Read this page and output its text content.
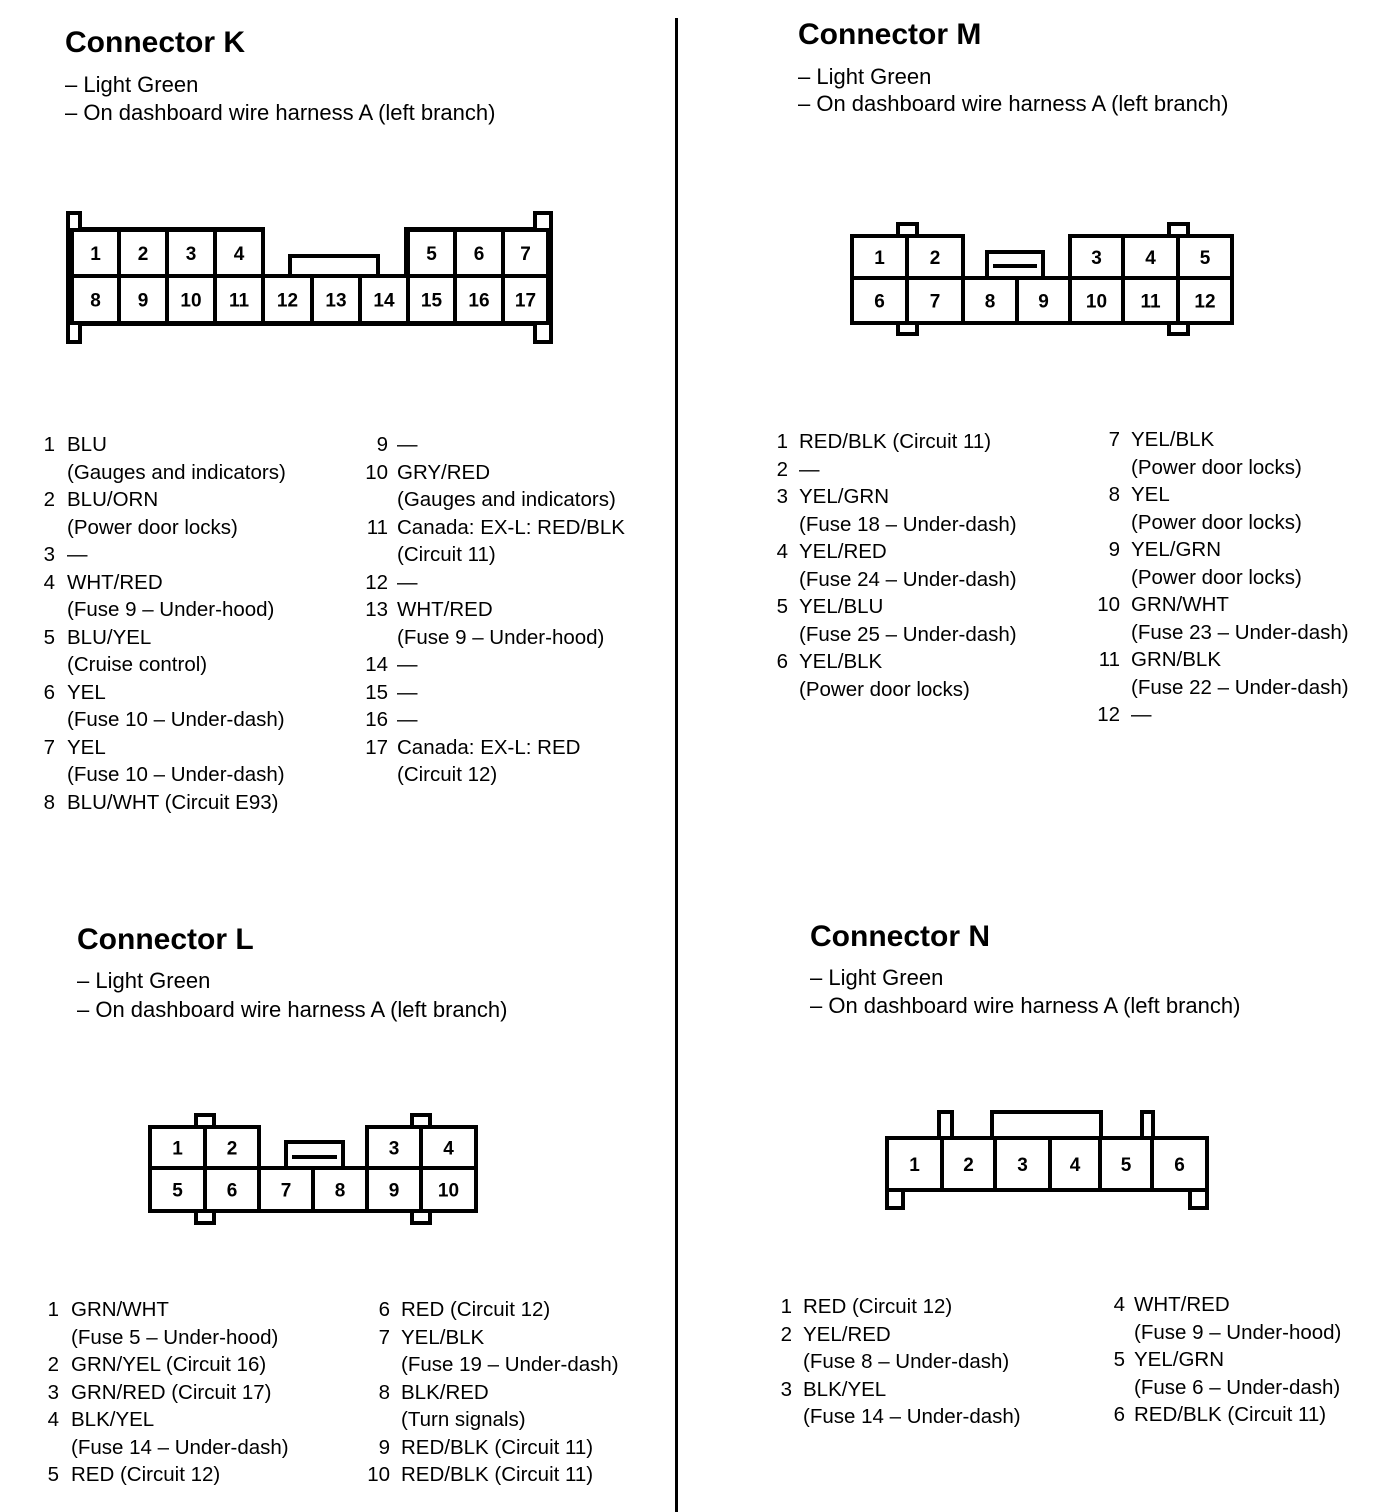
1 2 3 4	5 6 7
8 9 10 11 12 13 14 15 16 17
1 2	3 4 5
6 7 8 9 10 11 12
1 2	3 4
5 6 7 8 9 10
1 2 3 4 5 6
Connector K
– Light Green
– On dashboard wire harness A (left branch)
1 BLU
(Gauges and indicators)
2 BLU/ORN
(Power door locks)
3 —
4 WHT/RED
(Fuse 9 – Under-hood)
5 BLU/YEL
(Cruise control)
6 YEL
(Fuse 10 – Under-dash)
7 YEL
(Fuse 10 – Under-dash)
8 BLU/WHT (Circuit E93)
9 —
10 GRY/RED
(Gauges and indicators)
11 Canada: EX-L: RED/BLK
(Circuit 11)
12 —
13 WHT/RED
(Fuse 9 – Under-hood)
14 —
15 —
16 —
17 Canada: EX-L: RED
(Circuit 12)
Connector M
– Light Green
– On dashboard wire harness A (left branch)
1 RED/BLK (Circuit 11)
2 —
3 YEL/GRN
(Fuse 18 – Under-dash)
4 YEL/RED
(Fuse 24 – Under-dash)
5 YEL/BLU
(Fuse 25 – Under-dash)
6 YEL/BLK
(Power door locks)
7 YEL/BLK
(Power door locks)
8 YEL
(Power door locks)
9 YEL/GRN
(Power door locks)
10 GRN/WHT
(Fuse 23 – Under-dash)
11 GRN/BLK
(Fuse 22 – Under-dash)
12 —
Connector L
– Light Green
– On dashboard wire harness A (left branch)
1 GRN/WHT
(Fuse 5 – Under-hood)
2 GRN/YEL (Circuit 16)
3 GRN/RED (Circuit 17)
4 BLK/YEL
(Fuse 14 – Under-dash)
5 RED (Circuit 12)
6 RED (Circuit 12)
7 YEL/BLK
(Fuse 19 – Under-dash)
8 BLK/RED
(Turn signals)
9 RED/BLK (Circuit 11)
10 RED/BLK (Circuit 11)
Connector N
– Light Green
– On dashboard wire harness A (left branch)
1 RED (Circuit 12)
2 YEL/RED
(Fuse 8 – Under-dash)
3 BLK/YEL
(Fuse 14 – Under-dash)
4 WHT/RED
(Fuse 9 – Under-hood)
5 YEL/GRN
(Fuse 6 – Under-dash)
6 RED/BLK (Circuit 11)
